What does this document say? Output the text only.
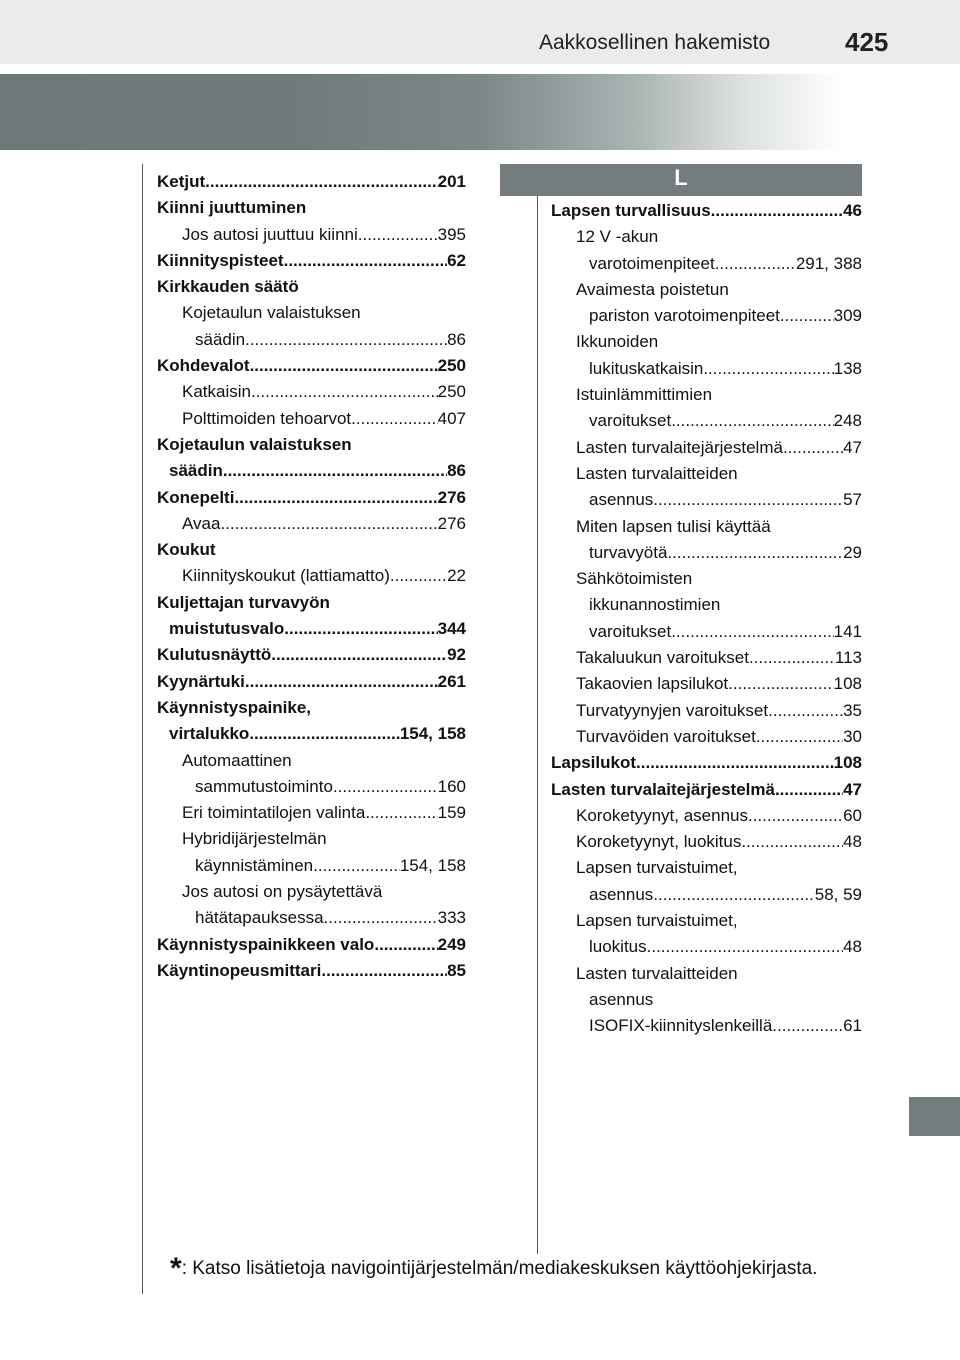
Aakkosellinen hakemisto	425
L
Ketjut .....	201
Kiinni juuttuminen
Jos autosi juuttuu kiinni .....	395
Kiinnityspisteet .....	62
Kirkkauden säätö
Kojetaulun valaistuksen
säädin .....	86
Kohdevalot .....	250
Katkaisin .....	250
Polttimoiden tehoarvot .....	407
Kojetaulun valaistuksen
säädin .....	86
Konepelti .....	276
Avaa .....	276
Koukut
Kiinnityskoukut (lattiamatto) .....	22
Kuljettajan turvavyön
muistutusvalo .....	344
Kulutusnäyttö .....	92
Kyynärtuki .....	261
Käynnistyspainike,
virtalukko .....	154, 158
Automaattinen
sammutustoiminto .....	160
Eri toimintatilojen valinta .....	159
Hybridijärjestelmän
käynnistäminen .....	154, 158
Jos autosi on pysäytettävä
hätätapauksessa .....	333
Käynnistyspainikkeen valo .....	249
Käyntinopeusmittari .....	85
Lapsen turvallisuus .....	46
12 V -akun
varotoimenpiteet .....	291, 388
Avaimesta poistetun
pariston varotoimenpiteet .....	309
Ikkunoiden
lukituskatkaisin .....	138
Istuinlämmittimien
varoitukset .....	248
Lasten turvalaitejärjestelmä .....	47
Lasten turvalaitteiden
asennus .....	57
Miten lapsen tulisi käyttää
turvavyötä .....	29
Sähkötoimisten
ikkunannostimien
varoitukset .....	141
Takaluukun varoitukset .....	113
Takaovien lapsilukot .....	108
Turvatyynyjen varoitukset .....	35
Turvavöiden varoitukset .....	30
Lapsilukot .....	108
Lasten turvalaitejärjestelmä .....	47
Koroketyynyt, asennus .....	60
Koroketyynyt, luokitus .....	48
Lapsen turvaistuimet,
asennus .....	58, 59
Lapsen turvaistuimet,
luokitus .....	48
Lasten turvalaitteiden
asennus
ISOFIX-kiinnityslenkeillä .....	61
*: Katso lisätietoja navigointijärjestelmän/mediakeskuksen käyttöohjekirjasta.
